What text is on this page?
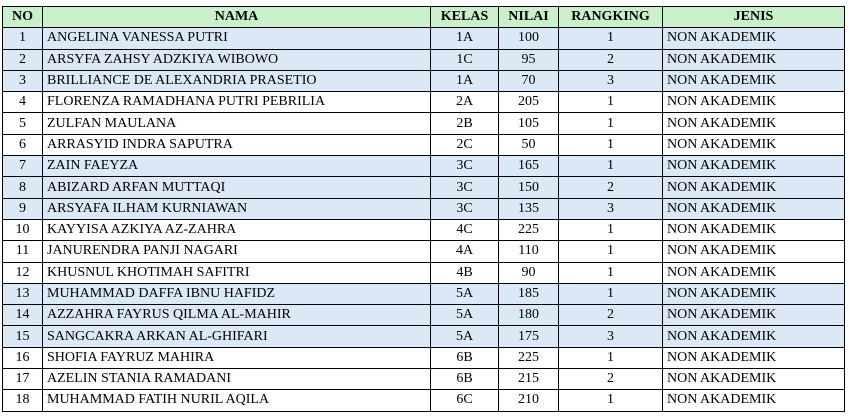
NO	NAMA	KELAS	NILAI	RANGKING	JENIS
1	ANGELINA VANESSA PUTRI	1A	100	1	NON AKADEMIK
2	ARSYFA ZAHSY ADZKIYA WIBOWO	1C	95	2	NON AKADEMIK
3	BRILLIANCE DE ALEXANDRIA PRASETIO	1A	70	3	NON AKADEMIK
4	FLORENZA RAMADHANA PUTRI PEBRILIA	2A	205	1	NON AKADEMIK
5	ZULFAN MAULANA	2B	105	1	NON AKADEMIK
6	ARRASYID INDRA SAPUTRA	2C	50	1	NON AKADEMIK
7	ZAIN FAEYZA	3C	165	1	NON AKADEMIK
8	ABIZARD ARFAN MUTTAQI	3C	150	2	NON AKADEMIK
9	ARSYAFA ILHAM KURNIAWAN	3C	135	3	NON AKADEMIK
10	KAYYISA AZKIYA AZ-ZAHRA	4C	225	1	NON AKADEMIK
11	JANURENDRA PANJI NAGARI	4A	110	1	NON AKADEMIK
12	KHUSNUL KHOTIMAH SAFITRI	4B	90	1	NON AKADEMIK
13	MUHAMMAD DAFFA IBNU HAFIDZ	5A	185	1	NON AKADEMIK
14	AZZAHRA FAYRUS QILMA AL-MAHIR	5A	180	2	NON AKADEMIK
15	SANGCAKRA ARKAN AL-GHIFARI	5A	175	3	NON AKADEMIK
16	SHOFIA FAYRUZ MAHIRA	6B	225	1	NON AKADEMIK
17	AZELIN STANIA RAMADANI	6B	215	2	NON AKADEMIK
18	MUHAMMAD FATIH NURIL AQILA	6C	210	1	NON AKADEMIK
